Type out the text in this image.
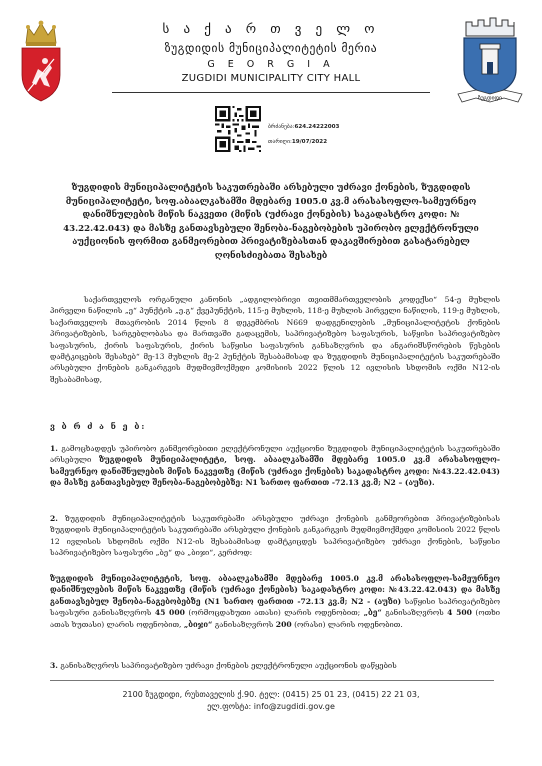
ზუგდიდი
ს ა ქ ა რ თ ვ ე ლ ო
ზუგდიდის მუნიციპალიტეტის მერია
G E O R G I A
ZUGDIDI MUNICIPALITY CITY HALL
ბრძანება:624.24222003
თარიღი:19/07/2022
ზუგდიდის მუნიციპალიტეტის საკუთრებაში არსებული უძრავი ქონების, ზუგდიდის მუნიციპალიტეტი, სოფ.აბაალკახამში მდებარე 1005.0 კვ.მ არასასოფლო-სამეურნეო დანიშნულების მიწის ნაკვეთი (მიწის (უძრავი ქონების) საკადასტრო კოდი: № 43.22.42.043) და მასზე განთავსებული შენობა-ნაგებობების უპირობო ელექტრონული აუქციონის ფორმით განმეორებით პრივატიზებასთან დაკავშირებით გასატარებელ ღონისძიებათა შესახებ
საქართველოს ორგანული კანონის „ადგილობრივი თვითმმართველობის კოდექსი“ 54-ე მუხლის პირველი ნაწილის „ე“ პუნქტის „ე.გ“ ქვეპუნქტის, 115-ე მუხლის, 118-ე მუხლის პირველი ნაწილის, 119-ე მუხლის, საქართველოს მთავრობის 2014 წლის 8 დეკემბრის N669 დადგენილების „მუნიციპალიტეტის ქონების პრივატიზების, სარგებლობასა და მართვაში გადაცემის, საპრივატიზებო საფასურის, საწყისი საპრივატიზებო საფასურის, ქირის საფასურის, ქირის საწყისი საფასურის განსაზღვრის და ანგარიშსწორების წესების დამტკიცების შესახებ“ მე-13 მუხლის მე-2 პუნქტის შესაბამისად და ზუგდიდის მუნიციპალიტეტის საკუთრებაში არსებული ქონების განკარგვის მუდმივმოქმედი კომისიის 2022 წლის 12 ივლისის სხდომის ოქმი N12-ის შესაბამისად,
ვ ბ რ ძ ა ნ ე ბ:
1. გამოცხადდეს უპირობო განმეორებითი ელექტრონული აუქციონი ზუგდიდის მუნიციპალიტეტის საკუთრებაში არსებული ზუგდიდის მუნიციპალიტეტი, სოფ. აბაალკახამში მდებარე 1005.0 კვ.მ არასასოფლო-სამეურნეო დანიშნულების მიწის ნაკვეთზე (მიწის (უძრავი ქონების) საკადასტრო კოდი: №43.22.42.043) და მასზე განთავსებულ შენობა-ნაგებობებზე: N1 სართო ფართით -72.13 კვ.მ; N2 – (აუზი).
2. ზუგდიდის მუნიციპალიტეტის საკუთრებაში არსებული უძრავი ქონების განმეორებით პრივატიზებისას ზუგდიდის მუნიციპალიტეტის საკუთრებაში არსებული ქონების განკარგვის მუდმივმოქმედი კომისიის 2022 წლის 12 ივლისის სხდომის ოქმი N12-ის შესაბამისად დამტკიცდეს საპრივატიზებო უძრავი ქონების, საწყისი საპრივატიზებო საფასური „ბე“ და „ბიჯი“, კერძოდ:
ზუგდიდის მუნიციპალიტეტის, სოფ. აბაალკახამში მდებარე 1005.0 კვ.მ არასასოფლო-სამეურნეო დანიშნულების მიწის ნაკვეთზე (მიწის (უძრავი ქონების) საკადასტრო კოდი: №43.22.42.043) და მასზე განთავსებულ შენობა-ნაგებობებზე (N1 სართო ფართით -72.13 კვ.მ; N2 - (აუზი) საწყისი საპრივატიზებო საფასური განისაზღვროს 45 000 (ორმოცდახუთი ათასი) ლარის ოდენობით; „ბე“ განისაზღვროს 4 500 (ოთხი ათას ხუთასი) ლარის ოდენობით, „ბიჯი“ განისაზღვროს 200 (ორასი) ლარის ოდენობით.
3. განისაზღვროს საპრივატიზებო უძრავი ქონების ელექტრონული აუქციონის დაწყების
2100 ზუგდიდი, რუსთაველის ქ.90. ტელ: (0415) 25 01 23, (0415) 22 21 03,
ელ.ფოსტა: info@zugdidi.gov.ge
